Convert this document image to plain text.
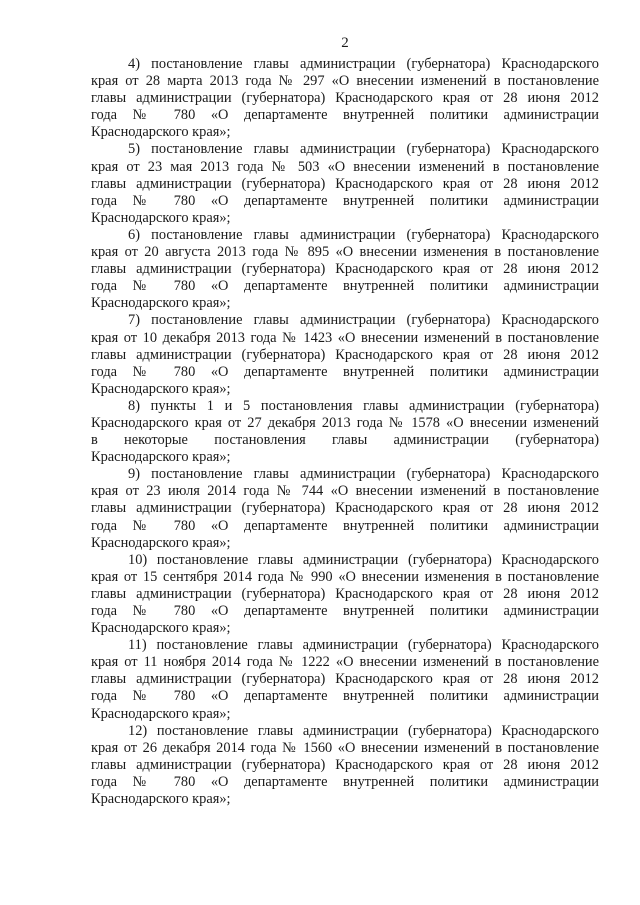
2

4) постановление главы администрации (губернатора) Краснодарского
края от 28 марта 2013 года № 297 «О внесении изменений в постановление
главы администрации (губернатора) Краснодарского края от 28 июня 2012
года № 780 «О департаменте внутренней политики администрации
Краснодарского края»;

5) постановление главы администрации (губернатора) Краснодарского
края от 23 мая 2013 года № 503 «О внесении изменений в постановление
главы администрации (губернатора) Краснодарского края от 28 июня 2012
года № 780 «О департаменте внутренней политики администрации
Краснодарского края»;

6) постановление главы администрации (губернатора) Краснодарского
края от 20 августа 2013 года № 895 «О внесении изменения в постановление
главы администрации (губернатора) Краснодарского края от 28 июня 2012
года № 780 «О департаменте внутренней политики администрации
Краснодарского края»;

7) постановление главы администрации (губернатора) Краснодарского
края от 10 декабря 2013 года № 1423 «О внесении изменений в постановление
главы администрации (губернатора) Краснодарского края от 28 июня 2012
года № 780 «О департаменте внутренней политики администрации
Краснодарского края»;

8) пункты 1 и 5 постановления главы администрации (губернатора)
Краснодарского края от 27 декабря 2013 года № 1578 «О внесении изменений
в некоторые постановления главы администрации (губернатора)
Краснодарского края»;

9) постановление главы администрации (губернатора) Краснодарского
края от 23 июля 2014 года № 744 «О внесении изменений в постановление
главы администрации (губернатора) Краснодарского края от 28 июня 2012
года № 780 «О департаменте внутренней политики администрации
Краснодарского края»;

10) постановление главы администрации (губернатора) Краснодарского
края от 15 сентября 2014 года № 990 «О внесении изменения в постановление
главы администрации (губернатора) Краснодарского края от 28 июня 2012
года № 780 «О департаменте внутренней политики администрации
Краснодарского края»;

11) постановление главы администрации (губернатора) Краснодарского
края от 11 ноября 2014 года № 1222 «О внесении изменений в постановление
главы администрации (губернатора) Краснодарского края от 28 июня 2012
года № 780 «О департаменте внутренней политики администрации
Краснодарского края»;

12) постановление главы администрации (губернатора) Краснодарского
края от 26 декабря 2014 года № 1560 «О внесении изменений в постановление
главы администрации (губернатора) Краснодарского края от 28 июня 2012
года № 780 «О департаменте внутренней политики администрации
Краснодарского края»;
